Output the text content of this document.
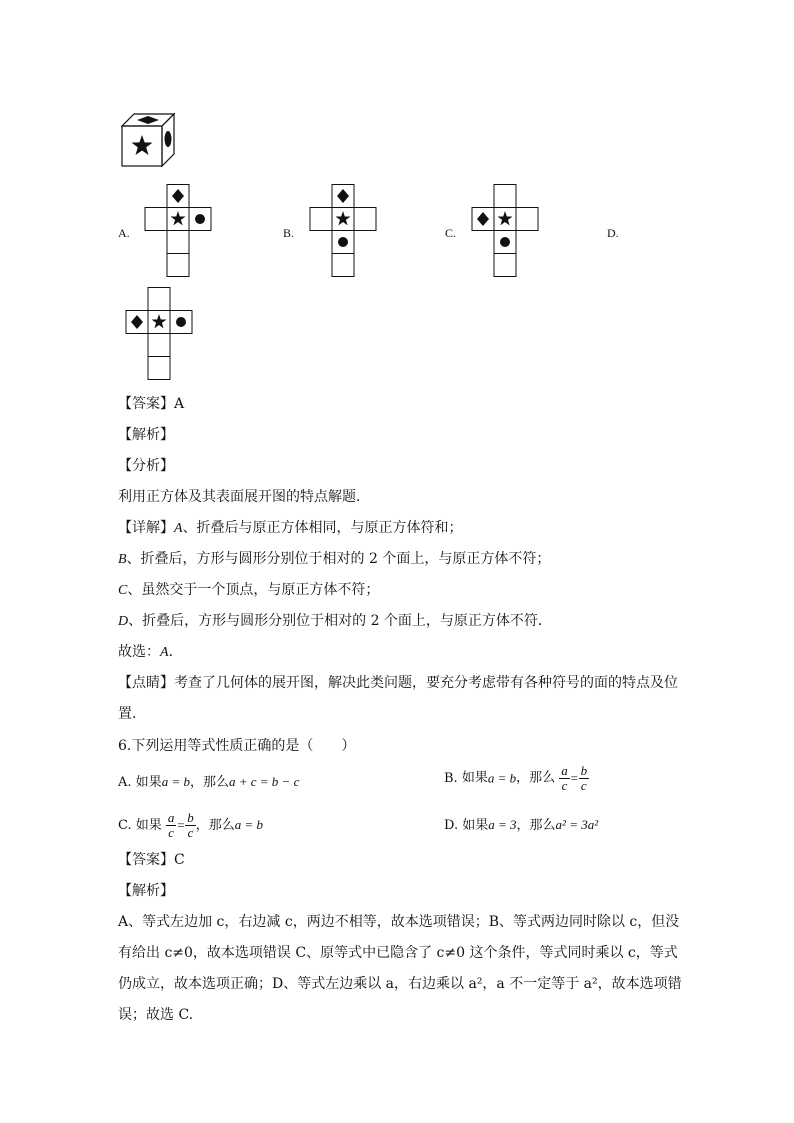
A.	B.	C.	D.
【答案】A
【解析】
【分析】
利用正方体及其表面展开图的特点解题．
【详解】A、折叠后与原正方体相同，与原正方体符和；
B、折叠后，方形与圆形分别位于相对的 2 个面上，与原正方体不符；
C、虽然交于一个顶点，与原正方体不符；
D、折叠后，方形与圆形分别位于相对的 2 个面上，与原正方体不符．
故选：A．
【点睛】考查了几何体的展开图，解决此类问题，要充分考虑带有各种符号的面的特点及位
置．
6.下列运用等式性质正确的是（　　）
A. 如果a = b，那么a + c = b − c	B. 如果a = b，那么 $\frac{a}{c} = \frac{b}{c}$
C. 如果 $\frac{a}{c} = \frac{b}{c}$ ，那么a = b	D. 如果a = 3，那么a² = 3a²
【答案】C
【解析】
A、等式左边加 c，右边减 c，两边不相等，故本选项错误；B、等式两边同时除以 c，但没
有给出 c≠0，故本选项错误 C、原等式中已隐含了 c≠0 这个条件，等式同时乘以 c，等式
仍成立，故本选项正确；D、等式左边乘以 a，右边乘以 a²，a 不一定等于 a²，故本选项错
误；故选 C.
